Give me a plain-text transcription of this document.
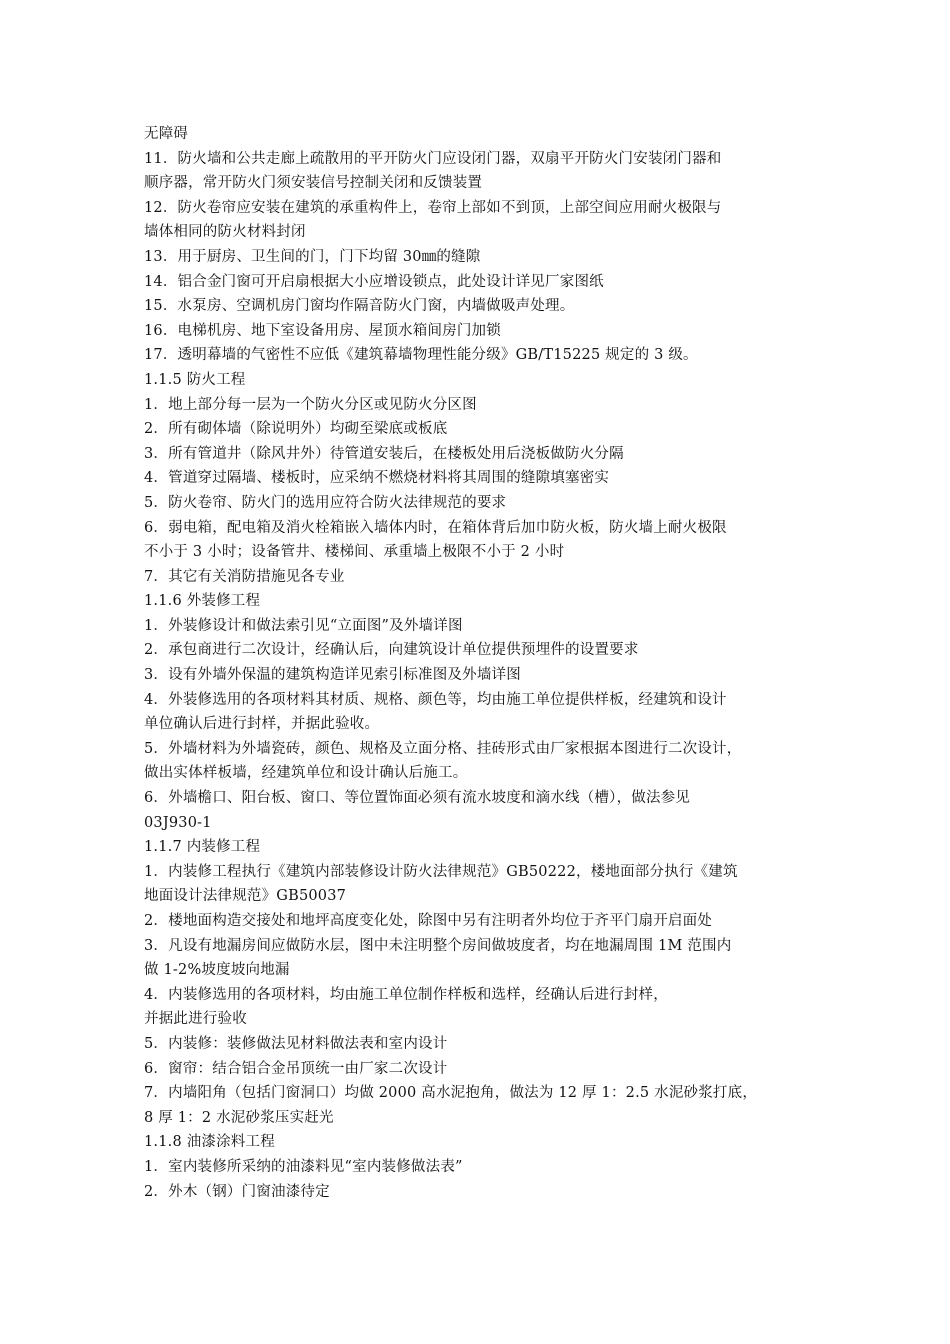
无障碍
11．防火墙和公共走廊上疏散用的平开防火门应设闭门器，双扇平开防火门安装闭门器和
顺序器，常开防火门须安装信号控制关闭和反馈装置
12．防火卷帘应安装在建筑的承重构件上，卷帘上部如不到顶，上部空间应用耐火极限与
墙体相同的防火材料封闭
13．用于厨房、卫生间的门，门下均留 30㎜的缝隙
14．铝合金门窗可开启扇根据大小应增设锁点，此处设计详见厂家图纸
15．水泵房、空调机房门窗均作隔音防火门窗，内墙做吸声处理。
16．电梯机房、地下室设备用房、屋顶水箱间房门加锁
17．透明幕墙的气密性不应低《建筑幕墙物理性能分级》GB/T15225 规定的 3 级。
1.1.5 防火工程
1．地上部分每一层为一个防火分区或见防火分区图
2．所有砌体墙（除说明外）均砌至梁底或板底
3．所有管道井（除风井外）待管道安装后，在楼板处用后浇板做防火分隔
4．管道穿过隔墙、楼板时，应采纳不燃烧材料将其周围的缝隙填塞密实
5．防火卷帘、防火门的选用应符合防火法律规范的要求
6．弱电箱，配电箱及消火栓箱嵌入墙体内时，在箱体背后加巾防火板，防火墙上耐火极限
不小于 3 小时；设备管井、楼梯间、承重墙上极限不小于 2 小时
7．其它有关消防措施见各专业
1.1.6 外装修工程
1．外装修设计和做法索引见“立面图”及外墙详图
2．承包商进行二次设计，经确认后，向建筑设计单位提供预埋件的设置要求
3．设有外墙外保温的建筑构造详见索引标准图及外墙详图
4．外装修选用的各项材料其材质、规格、颜色等，均由施工单位提供样板，经建筑和设计
单位确认后进行封样，并据此验收。
5．外墙材料为外墙瓷砖，颜色、规格及立面分格、挂砖形式由厂家根据本图进行二次设计，
做出实体样板墙，经建筑单位和设计确认后施工。
6．外墙檐口、阳台板、窗口、等位置饰面必须有流水坡度和滴水线（槽），做法参见
03J930-1
1.1.7 内装修工程
1．内装修工程执行《建筑内部装修设计防火法律规范》GB50222，楼地面部分执行《建筑
地面设计法律规范》GB50037
2．楼地面构造交接处和地坪高度变化处，除图中另有注明者外均位于齐平门扇开启面处
3．凡设有地漏房间应做防水层，图中未注明整个房间做坡度者，均在地漏周围 1M 范围内
做 1-2%坡度坡向地漏
4．内装修选用的各项材料，均由施工单位制作样板和选样，经确认后进行封样，
并据此进行验收
5．内装修：装修做法见材料做法表和室内设计
6．窗帘：结合铝合金吊顶统一由厂家二次设计
7．内墙阳角（包括门窗洞口）均做 2000 高水泥抱角，做法为 12 厚 1：2.5 水泥砂浆打底，
8 厚 1：2 水泥砂浆压实赶光
1.1.8 油漆涂料工程
1．室内装修所采纳的油漆料见“室内装修做法表”
2．外木（钢）门窗油漆待定
